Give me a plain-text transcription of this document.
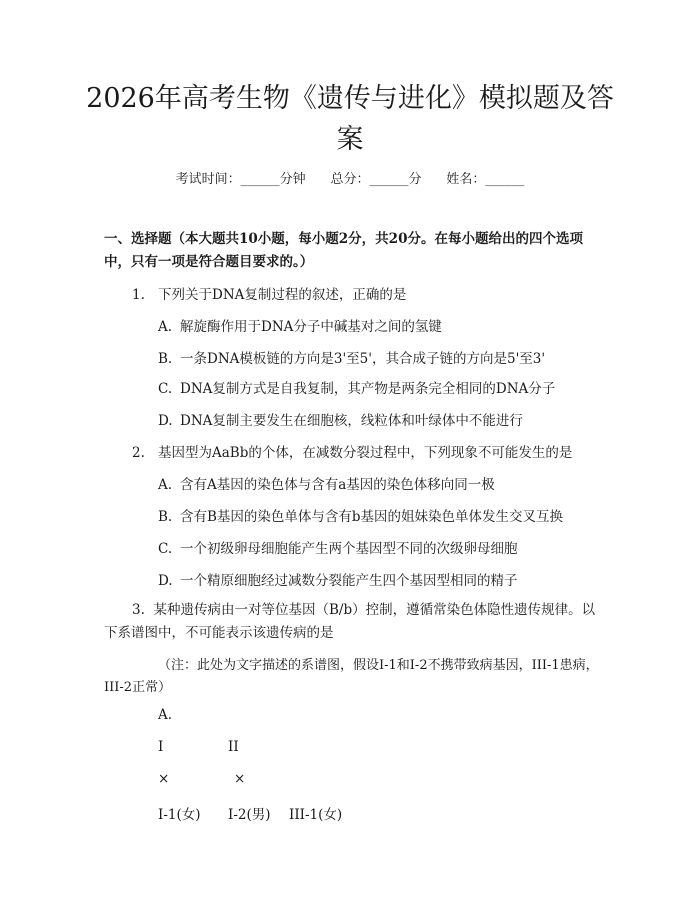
2026年高考生物《遗传与进化》模拟题及答案
考试时间：______分钟 总分：______分 姓名：______
一、选择题（本大题共10小题，每小题2分，共20分。在每小题给出的四个选项中，只有一项是符合题目要求的。）
1. 下列关于DNA复制过程的叙述，正确的是
A. 解旋酶作用于DNA分子中碱基对之间的氢键
B. 一条DNA模板链的方向是3'至5'，其合成子链的方向是5'至3'
C. DNA复制方式是自我复制，其产物是两条完全相同的DNA分子
D. DNA复制主要发生在细胞核，线粒体和叶绿体中不能进行
2. 基因型为AaBb的个体，在减数分裂过程中，下列现象不可能发生的是
A. 含有A基因的染色体与含有a基因的染色体移向同一极
B. 含有B基因的染色单体与含有b基因的姐妹染色单体发生交叉互换
C. 一个初级卵母细胞能产生两个基因型不同的次级卵母细胞
D. 一个精原细胞经过减数分裂能产生四个基因型相同的精子
3. 某种遗传病由一对等位基因（B/b）控制，遵循常染色体隐性遗传规律。以下系谱图中，不可能表示该遗传病的是
（注：此处为文字描述的系谱图，假设I-1和I-2不携带致病基因，III-1患病，III-2正常）
A.
I	II
×	×
I-1(女) I-2(男) III-1(女)
